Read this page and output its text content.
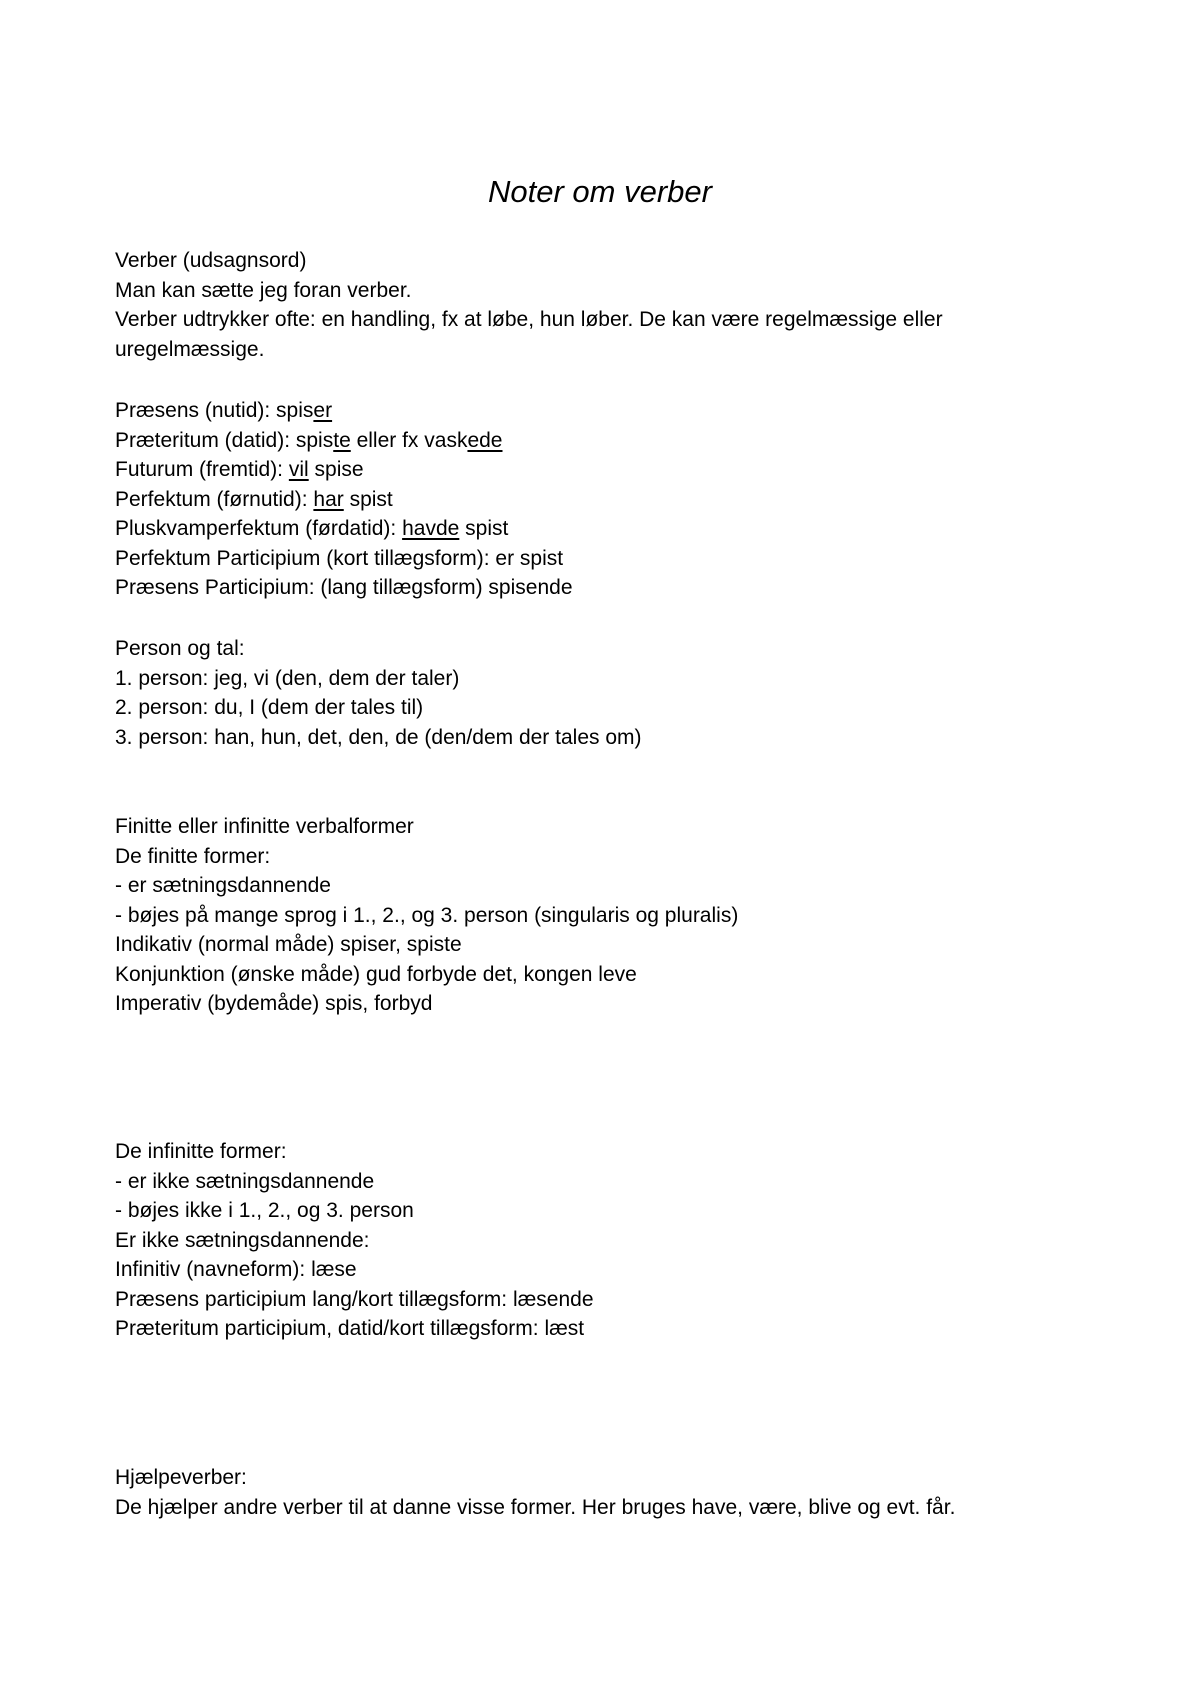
Noter om verber
Verber (udsagnsord)
Man kan sætte jeg foran verber.
Verber udtrykker ofte: en handling, fx at løbe, hun løber. De kan være regelmæssige eller
uregelmæssige.
Præsens (nutid): spiser
Præteritum (datid): spiste eller fx vaskede
Futurum (fremtid): vil spise
Perfektum (førnutid): har spist
Pluskvamperfektum (førdatid): havde spist
Perfektum Participium (kort tillægsform): er spist
Præsens Participium: (lang tillægsform) spisende
Person og tal:
1. person: jeg, vi (den, dem der taler)
2. person: du, I (dem der tales til)
3. person: han, hun, det, den, de (den/dem der tales om)
Finitte eller infinitte verbalformer
De finitte former:
- er sætningsdannende
- bøjes på mange sprog i 1., 2., og 3. person (singularis og pluralis)
Indikativ (normal måde) spiser, spiste
Konjunktion (ønske måde) gud forbyde det, kongen leve
Imperativ (bydemåde) spis, forbyd
De infinitte former:
- er ikke sætningsdannende
- bøjes ikke i 1., 2., og 3. person
Er ikke sætningsdannende:
Infinitiv (navneform): læse
Præsens participium lang/kort tillægsform: læsende
Præteritum participium, datid/kort tillægsform: læst
Hjælpeverber:
De hjælper andre verber til at danne visse former. Her bruges have, være, blive og evt. får.
